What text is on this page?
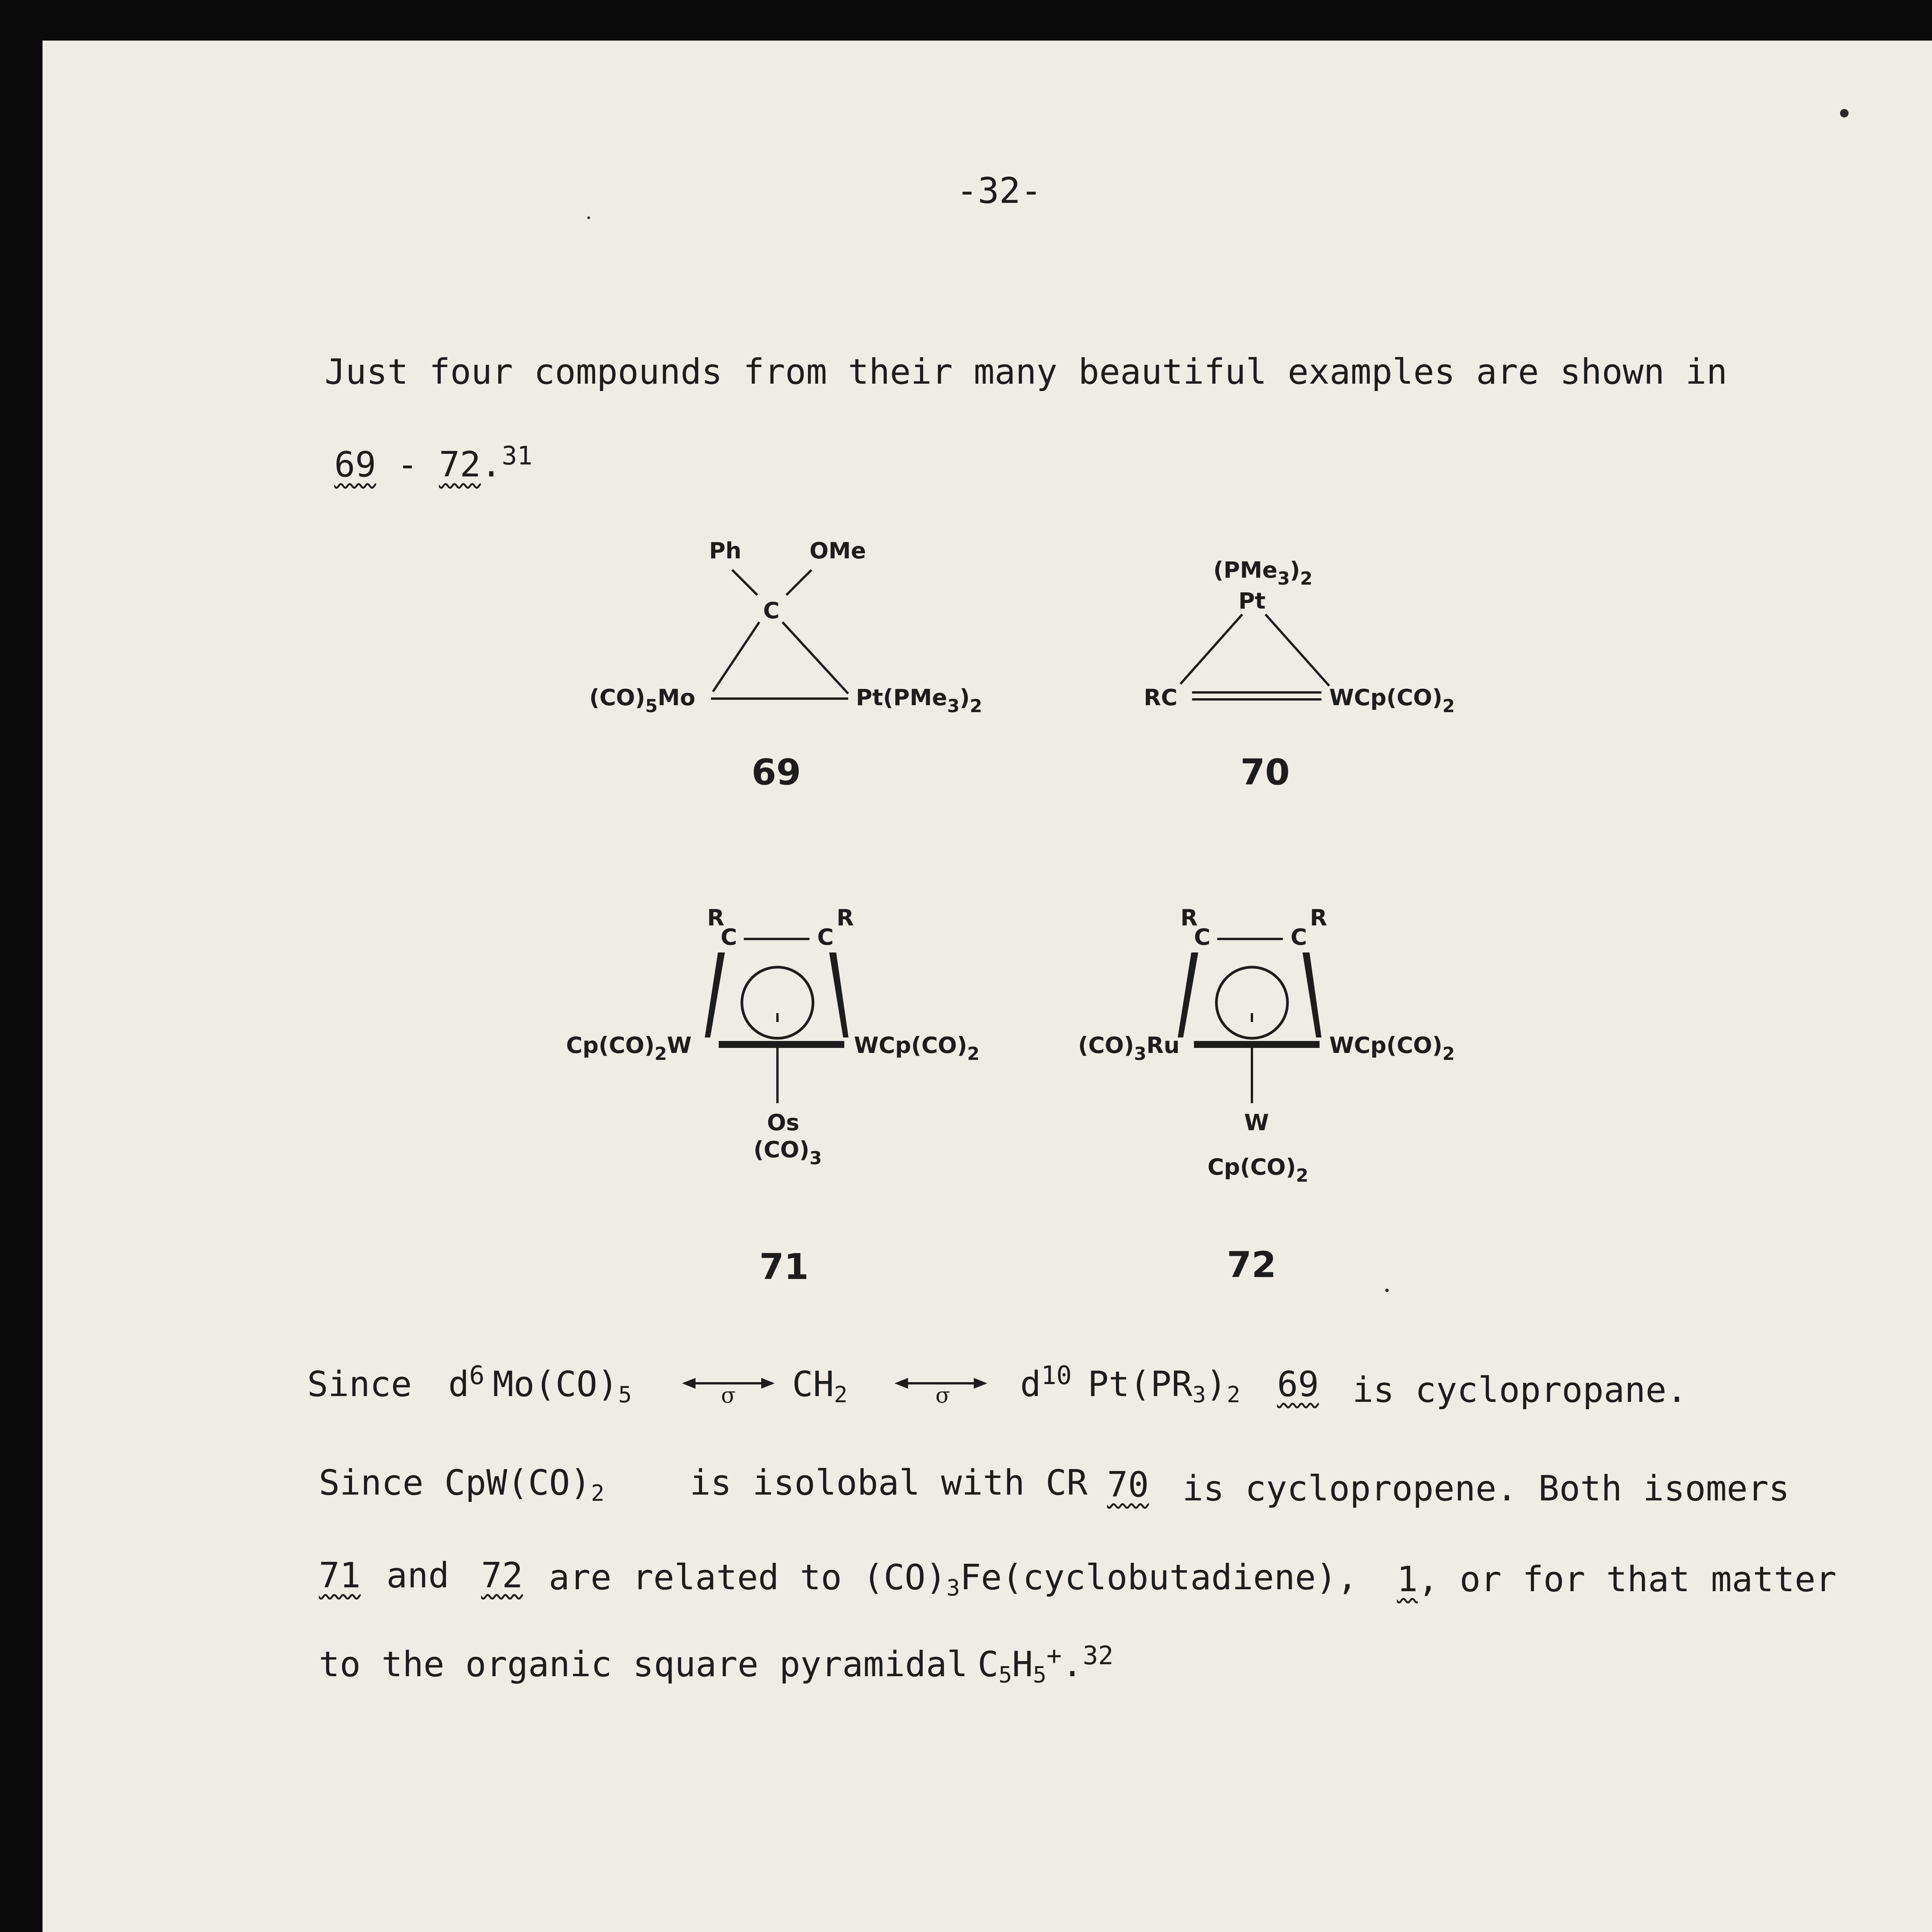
-32-
Just four compounds from their many beautiful examples are shown in
69 - 72.31
Ph	OMe
C
$(CO)_5Mo$	$Pt(PMe_3)_2$
69
$(PMe_3)_2$
Pt
RC	$WCp(CO)_2$
70
R
C	C
R
$Cp(CO)_2W$	$WCp(CO)_2$
Os
$(CO)_3$
71
R
C	C
R
$(CO)_3Ru$	$WCp(CO)_2$
W
$Cp(CO)_2$
72
σ	σ
Since $d^6$ $Mo(CO)_5$	$CH_2$	$d^{10}$ $Pt(PR_3)_2$ 69 is cyclopropane.
Since $CpW(CO)_2$ is isolobal with CR 70 is cyclopropene. Both isomers
71 and 72 are related to $(CO)_3Fe(cyclobutadiene)$, 1, or for that matter
to the organic square pyramidal $C_5H_5^+.^{32}$
